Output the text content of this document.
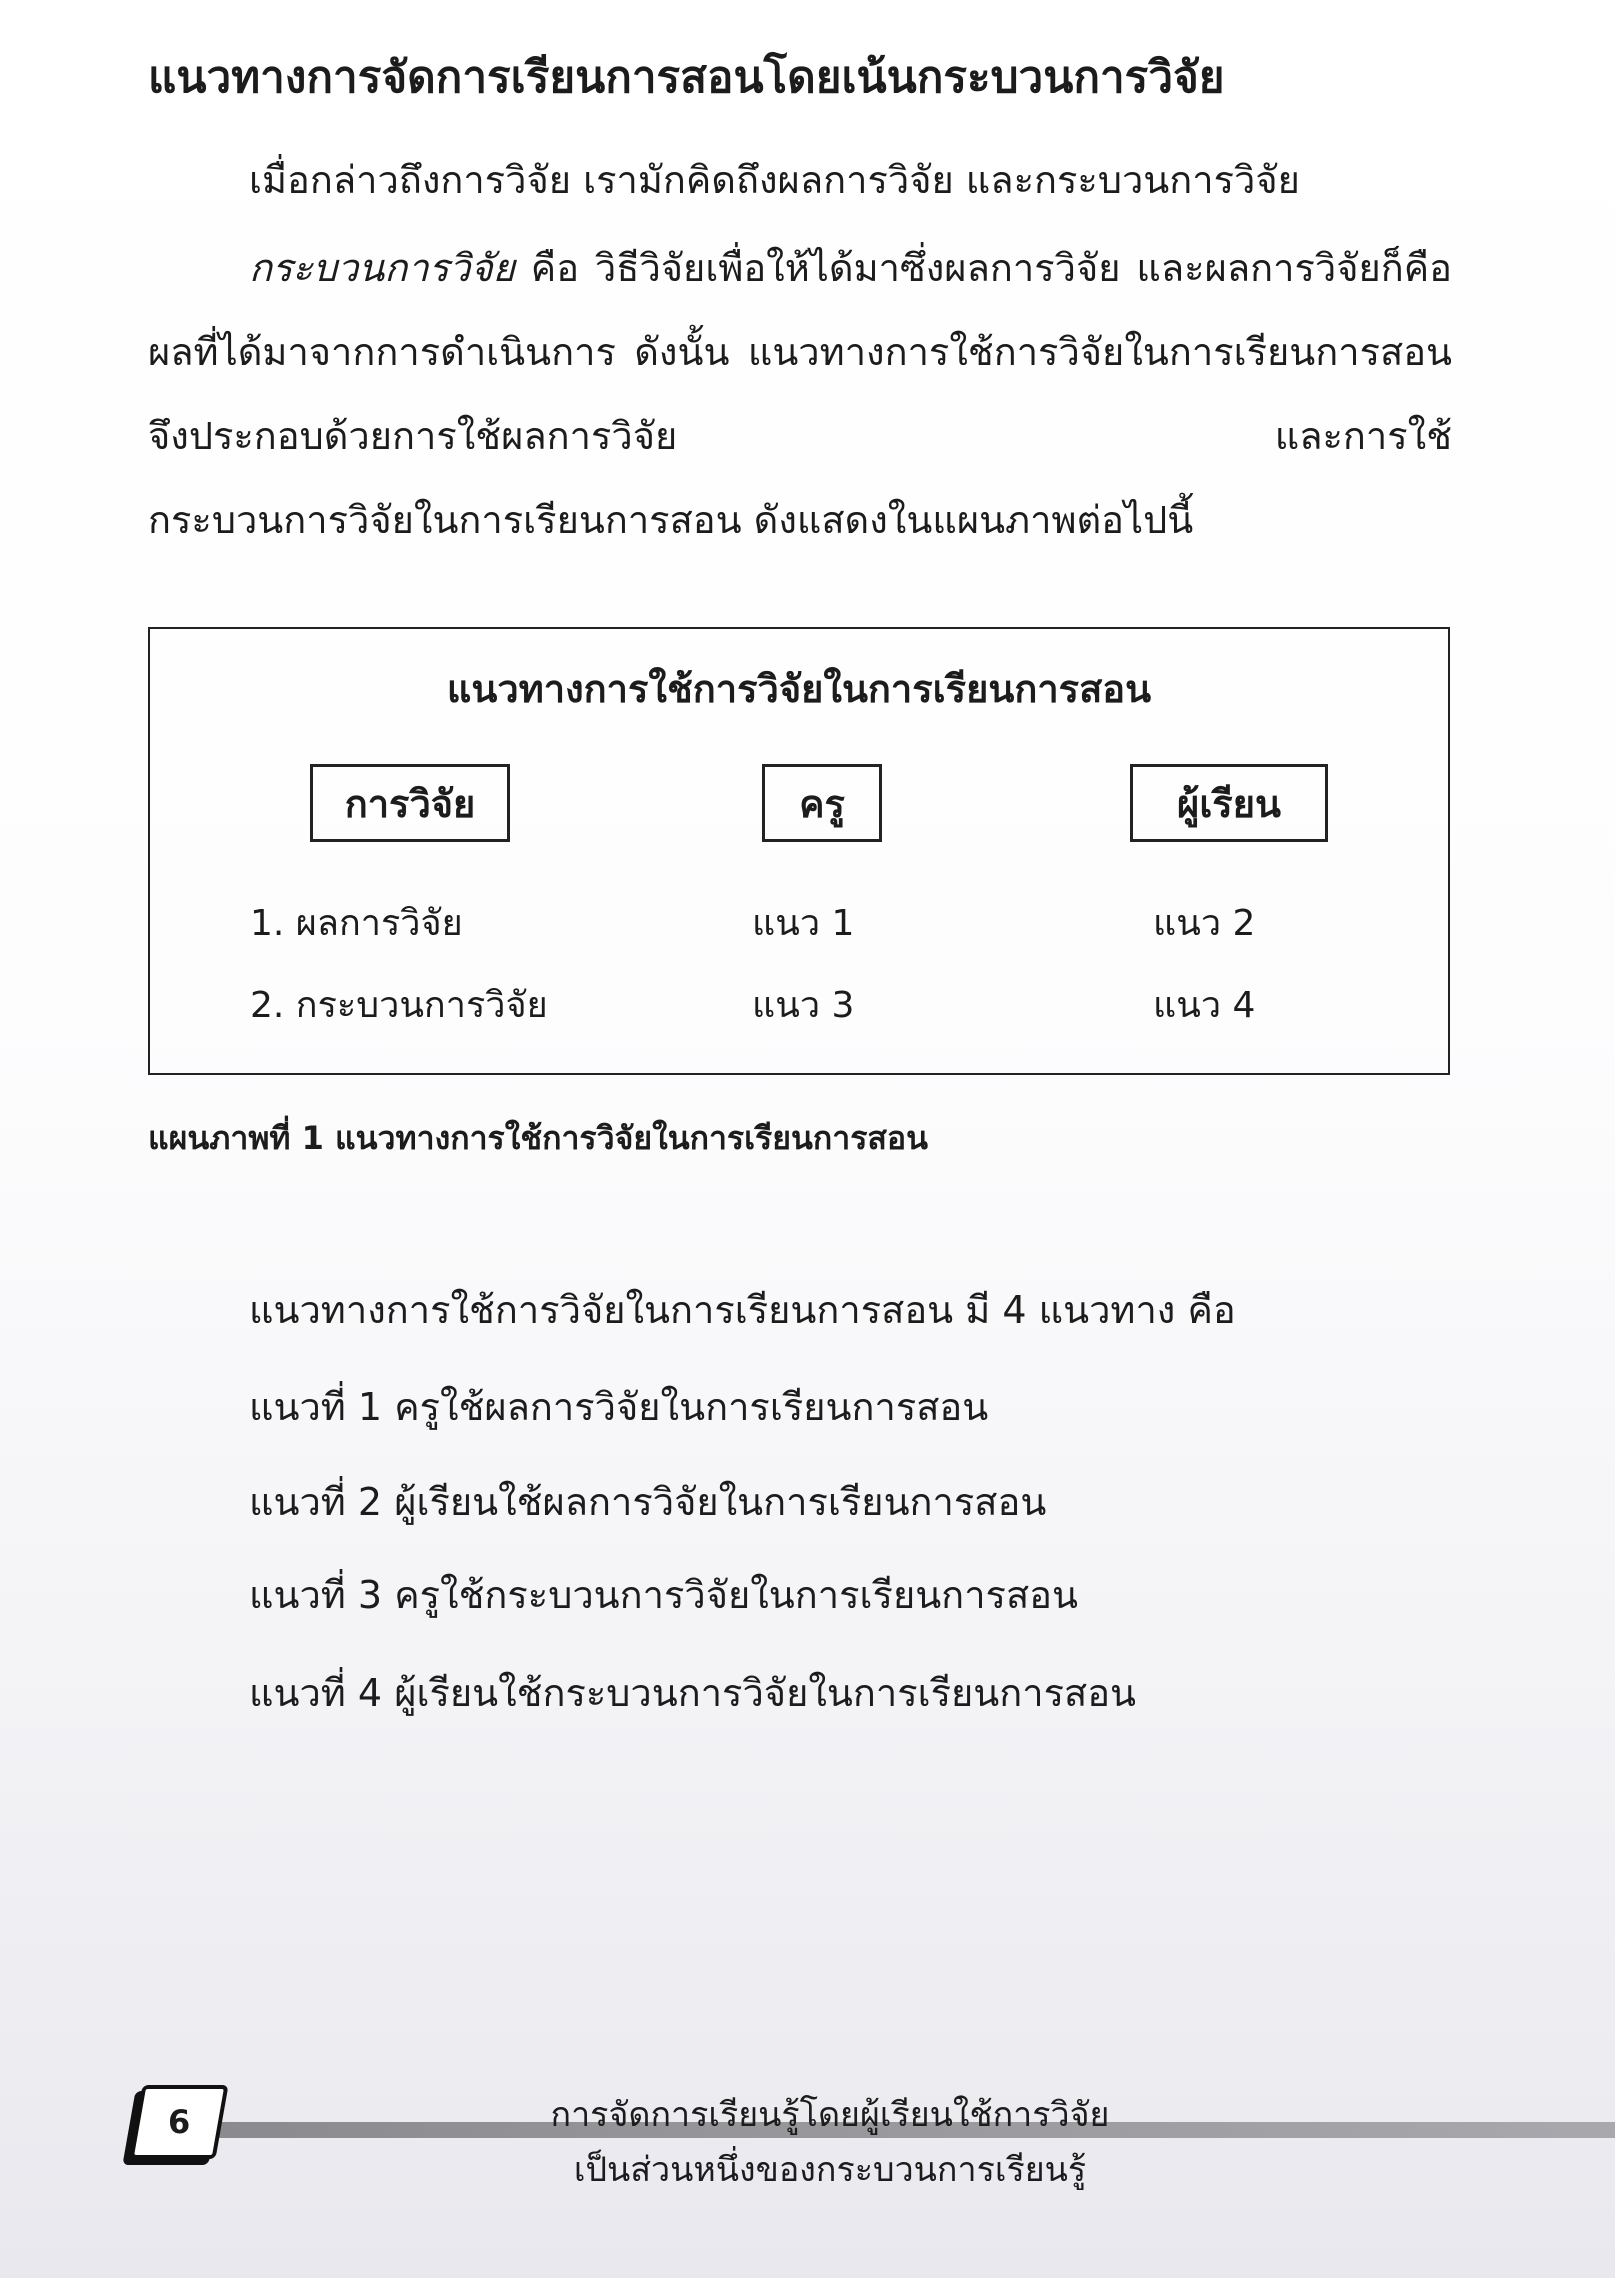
แนวทางการจัดการเรียนการสอนโดยเน้นกระบวนการวิจัย

เมื่อกล่าวถึงการวิจัย เรามักคิดถึงผลการวิจัย และกระบวนการวิจัย

กระบวนการวิจัย คือ วิธีวิจัยเพื่อให้ได้มาซึ่งผลการวิจัย และผลการวิจัยก็คือ ผลที่ได้มาจากการดำเนินการ ดังนั้น แนวทางการใช้การวิจัยในการเรียนการสอน จึงประกอบด้วยการใช้ผลการวิจัย และการใช้
กระบวนการวิจัยในการเรียนการสอน ดังแสดงในแผนภาพต่อไปนี้

แนวทางการใช้การวิจัยในการเรียนการสอน
การวิจัย	ครู	ผู้เรียน
1. ผลการวิจัย	แนว 1	แนว 2
2. กระบวนการวิจัย	แนว 3	แนว 4
แผนภาพที่ 1 แนวทางการใช้การวิจัยในการเรียนการสอน
แนวทางการใช้การวิจัยในการเรียนการสอน มี 4 แนวทาง คือ
แนวที่ 1 ครูใช้ผลการวิจัยในการเรียนการสอน
แนวที่ 2 ผู้เรียนใช้ผลการวิจัยในการเรียนการสอน
แนวที่ 3 ครูใช้กระบวนการวิจัยในการเรียนการสอน
แนวที่ 4 ผู้เรียนใช้กระบวนการวิจัยในการเรียนการสอน
6	การจัดการเรียนรู้โดยผู้เรียนใช้การวิจัย
เป็นส่วนหนึ่งของกระบวนการเรียนรู้
